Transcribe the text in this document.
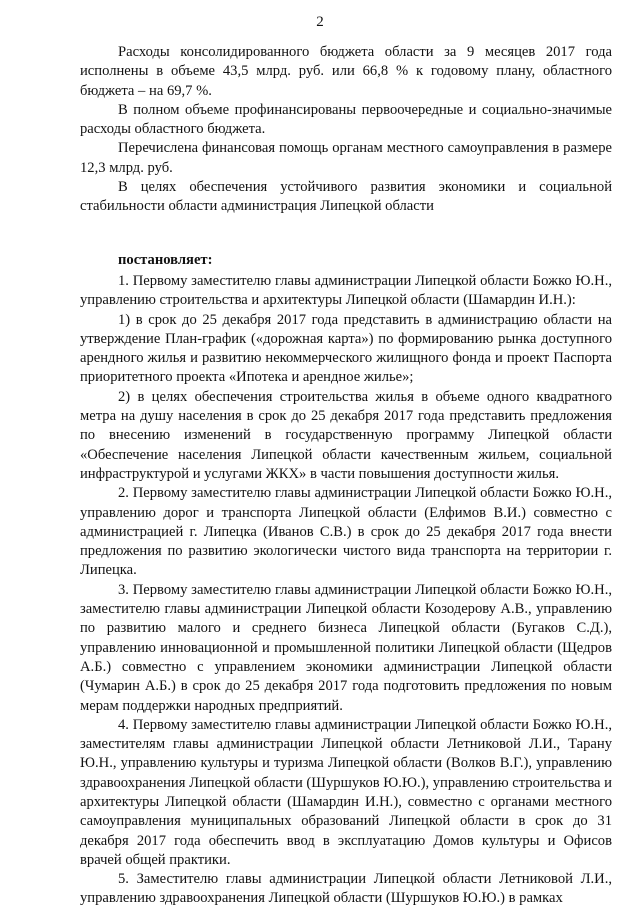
2

Расходы консолидированного бюджета области за 9 месяцев 2017 года исполнены в объеме 43,5 млрд. руб. или 66,8 % к годовому плану, областного бюджета – на 69,7 %.

В полном объеме профинансированы первоочередные и социально-значимые расходы областного бюджета.

Перечислена финансовая помощь органам местного самоуправления в размере 12,3 млрд. руб.

В целях обеспечения устойчивого развития экономики и социальной стабильности области администрация Липецкой области

постановляет:

1. Первому заместителю главы администрации Липецкой области Божко Ю.Н., управлению строительства и архитектуры Липецкой области (Шамардин И.Н.):

1) в срок до 25 декабря 2017 года представить в администрацию области на утверждение План-график («дорожная карта») по формированию рынка доступного арендного жилья и развитию некоммерческого жилищного фонда и проект Паспорта приоритетного проекта «Ипотека и арендное жилье»;

2) в целях обеспечения строительства жилья в объеме одного квадратного метра на душу населения в срок до 25 декабря 2017 года представить предложения по внесению изменений в государственную программу Липецкой области «Обеспечение населения Липецкой области качественным жильем, социальной инфраструктурой и услугами ЖКХ» в части повышения доступности жилья.

2. Первому заместителю главы администрации Липецкой области Божко Ю.Н., управлению дорог и транспорта Липецкой области (Елфимов В.И.) совместно с администрацией г. Липецка (Иванов С.В.) в срок до 25 декабря 2017 года внести предложения по развитию экологически чистого вида транспорта на территории г. Липецка.

3. Первому заместителю главы администрации Липецкой области Божко Ю.Н., заместителю главы администрации Липецкой области Козодерову А.В., управлению по развитию малого и среднего бизнеса Липецкой области (Бугаков С.Д.), управлению инновационной и промышленной политики Липецкой области (Щедров А.Б.) совместно с управлением экономики администрации Липецкой области (Чумарин А.Б.) в срок до 25 декабря 2017 года подготовить предложения по новым мерам поддержки народных предприятий.

4. Первому заместителю главы администрации Липецкой области Божко Ю.Н., заместителям главы администрации Липецкой области Летниковой Л.И., Тарану Ю.Н., управлению культуры и туризма Липецкой области (Волков В.Г.), управлению здравоохранения Липецкой области (Шуршуков Ю.Ю.), управлению строительства и архитектуры Липецкой области (Шамардин И.Н.), совместно с органами местного самоуправления муниципальных образований Липецкой области в срок до 31 декабря 2017 года обеспечить ввод в эксплуатацию Домов культуры и Офисов врачей общей практики.

5. Заместителю главы администрации Липецкой области Летниковой Л.И., управлению здравоохранения Липецкой области (Шуршуков Ю.Ю.) в рамках
